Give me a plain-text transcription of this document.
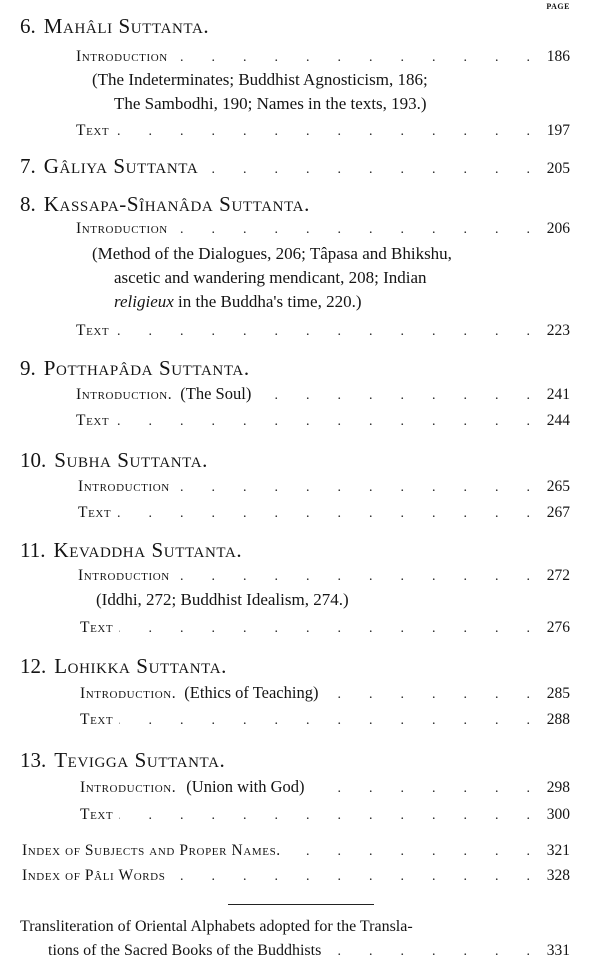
PAGE
6. Mahâli Suttanta.
Introduction .	186
(The Indeterminates; Buddhist Agnosticism, 186;
The Sambodhi, 190; Names in the texts, 193.)
Text .	197
7. Gâliya Suttanta .	205
8. Kassapa-Sîhanâda Suttanta.
Introduction .	206
(Method of the Dialogues, 206; Tâpasa and Bhikshu,
ascetic and wandering mendicant, 208; Indian
religieux in the Buddha's time, 220.)
Text .	223
9. Potthapâda Suttanta.
Introduction. (The Soul) .	241
Text .	244
10. Subha Suttanta.
Introduction .	265
Text .	267
11. Kevaddha Suttanta.
Introduction .	272
(Iddhi, 272; Buddhist Idealism, 274.)
Text .	276
12. Lohikka Suttanta.
Introduction. (Ethics of Teaching) .	285
Text .	288
13. Tevigga Suttanta.
Introduction. (Union with God) .	298
Text .	300
Index of Subjects and Proper Names. .	321
Index of Pâli Words .	328
Transliteration of Oriental Alphabets adopted for the Transla-
tions of the Sacred Books of the Buddhists .	331
